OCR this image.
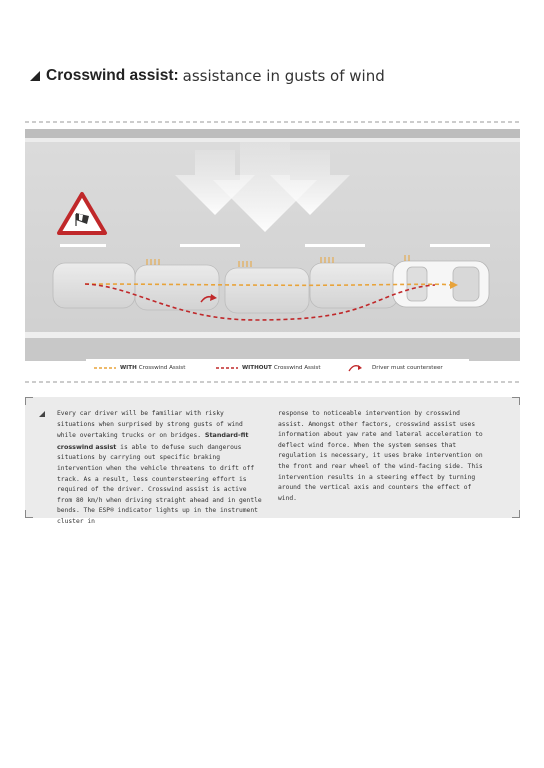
Crosswind assist: assistance in gusts of wind
WITH Crosswind Assist	WITHOUT Crosswind Assist	Driver must countersteer

Every car driver will be familiar with risky situations when surprised by strong gusts of wind while overtaking trucks or on bridges. Standard-fit crosswind assist is able to defuse such dangerous situations by carrying out specific braking intervention when the vehicle threatens to drift off track. As a result, less countersteering effort is required of the driver. Crosswind assist is active from 80 km/h when driving straight ahead and in gentle bends. The ESP® indicator lights up in the instrument cluster in

response to noticeable intervention by crosswind assist. Amongst other factors, crosswind assist uses information about yaw rate and lateral acceleration to deflect wind force. When the system senses that regulation is necessary, it uses brake intervention on the front and rear wheel of the wind-facing side. This intervention results in a steering effect by turning around the vertical axis and counters the effect of wind.
